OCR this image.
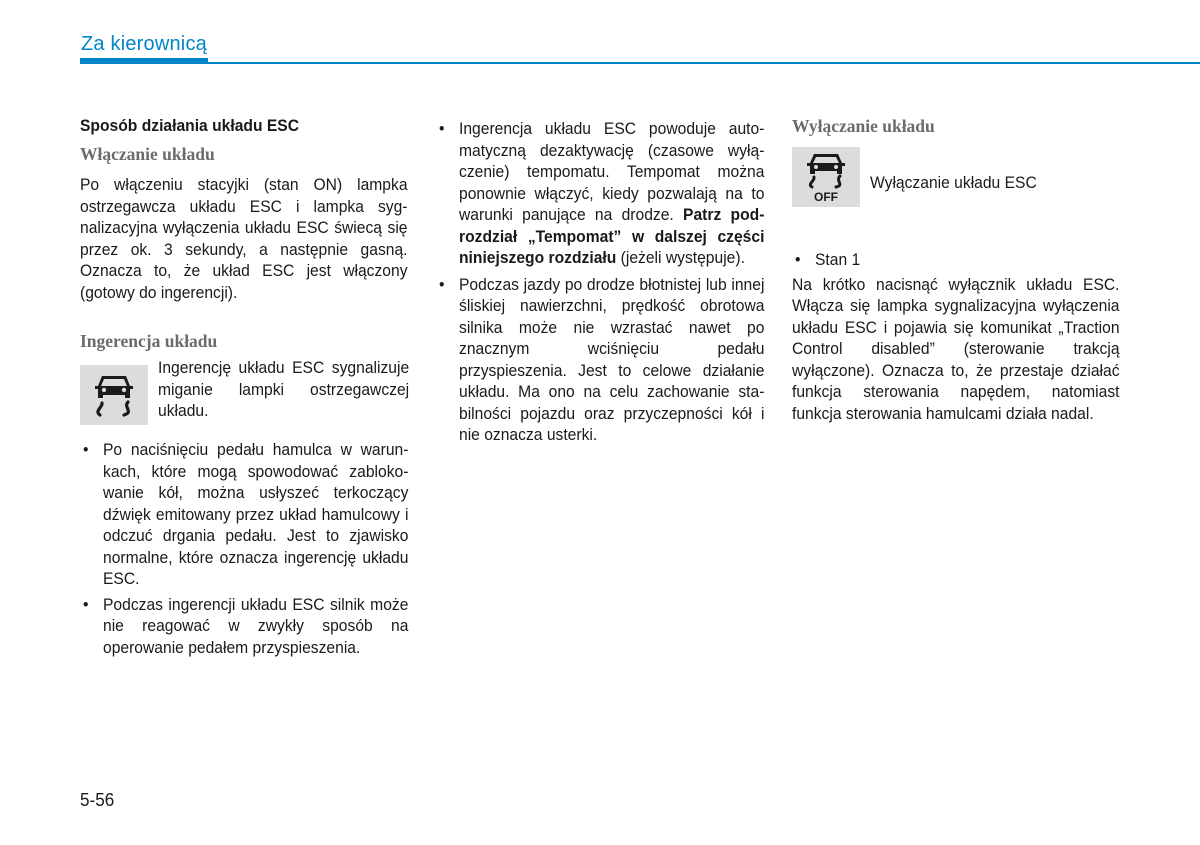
Za kierownicą
Sposób działania układu ESC
Włączanie układu

Po włączeniu stacyjki (stan ON) lampka ostrzegawcza układu ESC i lampka sygnalizacyjna wyłączenia układu ESC świecą się przez ok. 3 sekundy, a następnie gasną. Oznacza to, że układ ESC jest włączony (gotowy do ingerencji).

Ingerencja układu

Ingerencję układu ESC sygnalizuje miganie lampki ostrzegawczej układu.

• Po naciśnięciu pedału hamulca w warunkach, które mogą spowodować zablokowanie kół, można usłyszeć terkoczący dźwięk emitowany przez układ hamulcowy i odczuć drgania pedału. Jest to zjawisko normalne, które oznacza ingerencję układu ESC.

• Podczas ingerencji układu ESC silnik może nie reagować w zwykły sposób na operowanie pedałem przyspieszenia.

• Ingerencja układu ESC powoduje automatyczną dezaktywację (czasowe wyłączenie) tempomatu. Tempomat można ponownie włączyć, kiedy pozwalają na to warunki panujące na drodze. Patrz podrozdział „Tempomat” w dalszej części niniejszego rozdziału (jeżeli występuje).

• Podczas jazdy po drodze błotnistej lub innej śliskiej nawierzchni, prędkość obrotowa silnika może nie wzrastać nawet po znacznym wciśnięciu pedału przyspieszenia. Jest to celowe działanie układu. Ma ono na celu zachowanie stabilności pojazdu oraz przyczepności kół i nie oznacza usterki.

Wyłączanie układu
OFF

Wyłączanie układu ESC

• Stan 1

Na krótko nacisnąć wyłącznik układu ESC. Włącza się lampka sygnalizacyjna wyłączenia układu ESC i pojawia się komunikat „Traction Control disabled” (sterowanie trakcją wyłączone). Oznacza to, że przestaje działać funkcja sterowania napędem, natomiast funkcja sterowania hamulcami działa nadal.

5-56
